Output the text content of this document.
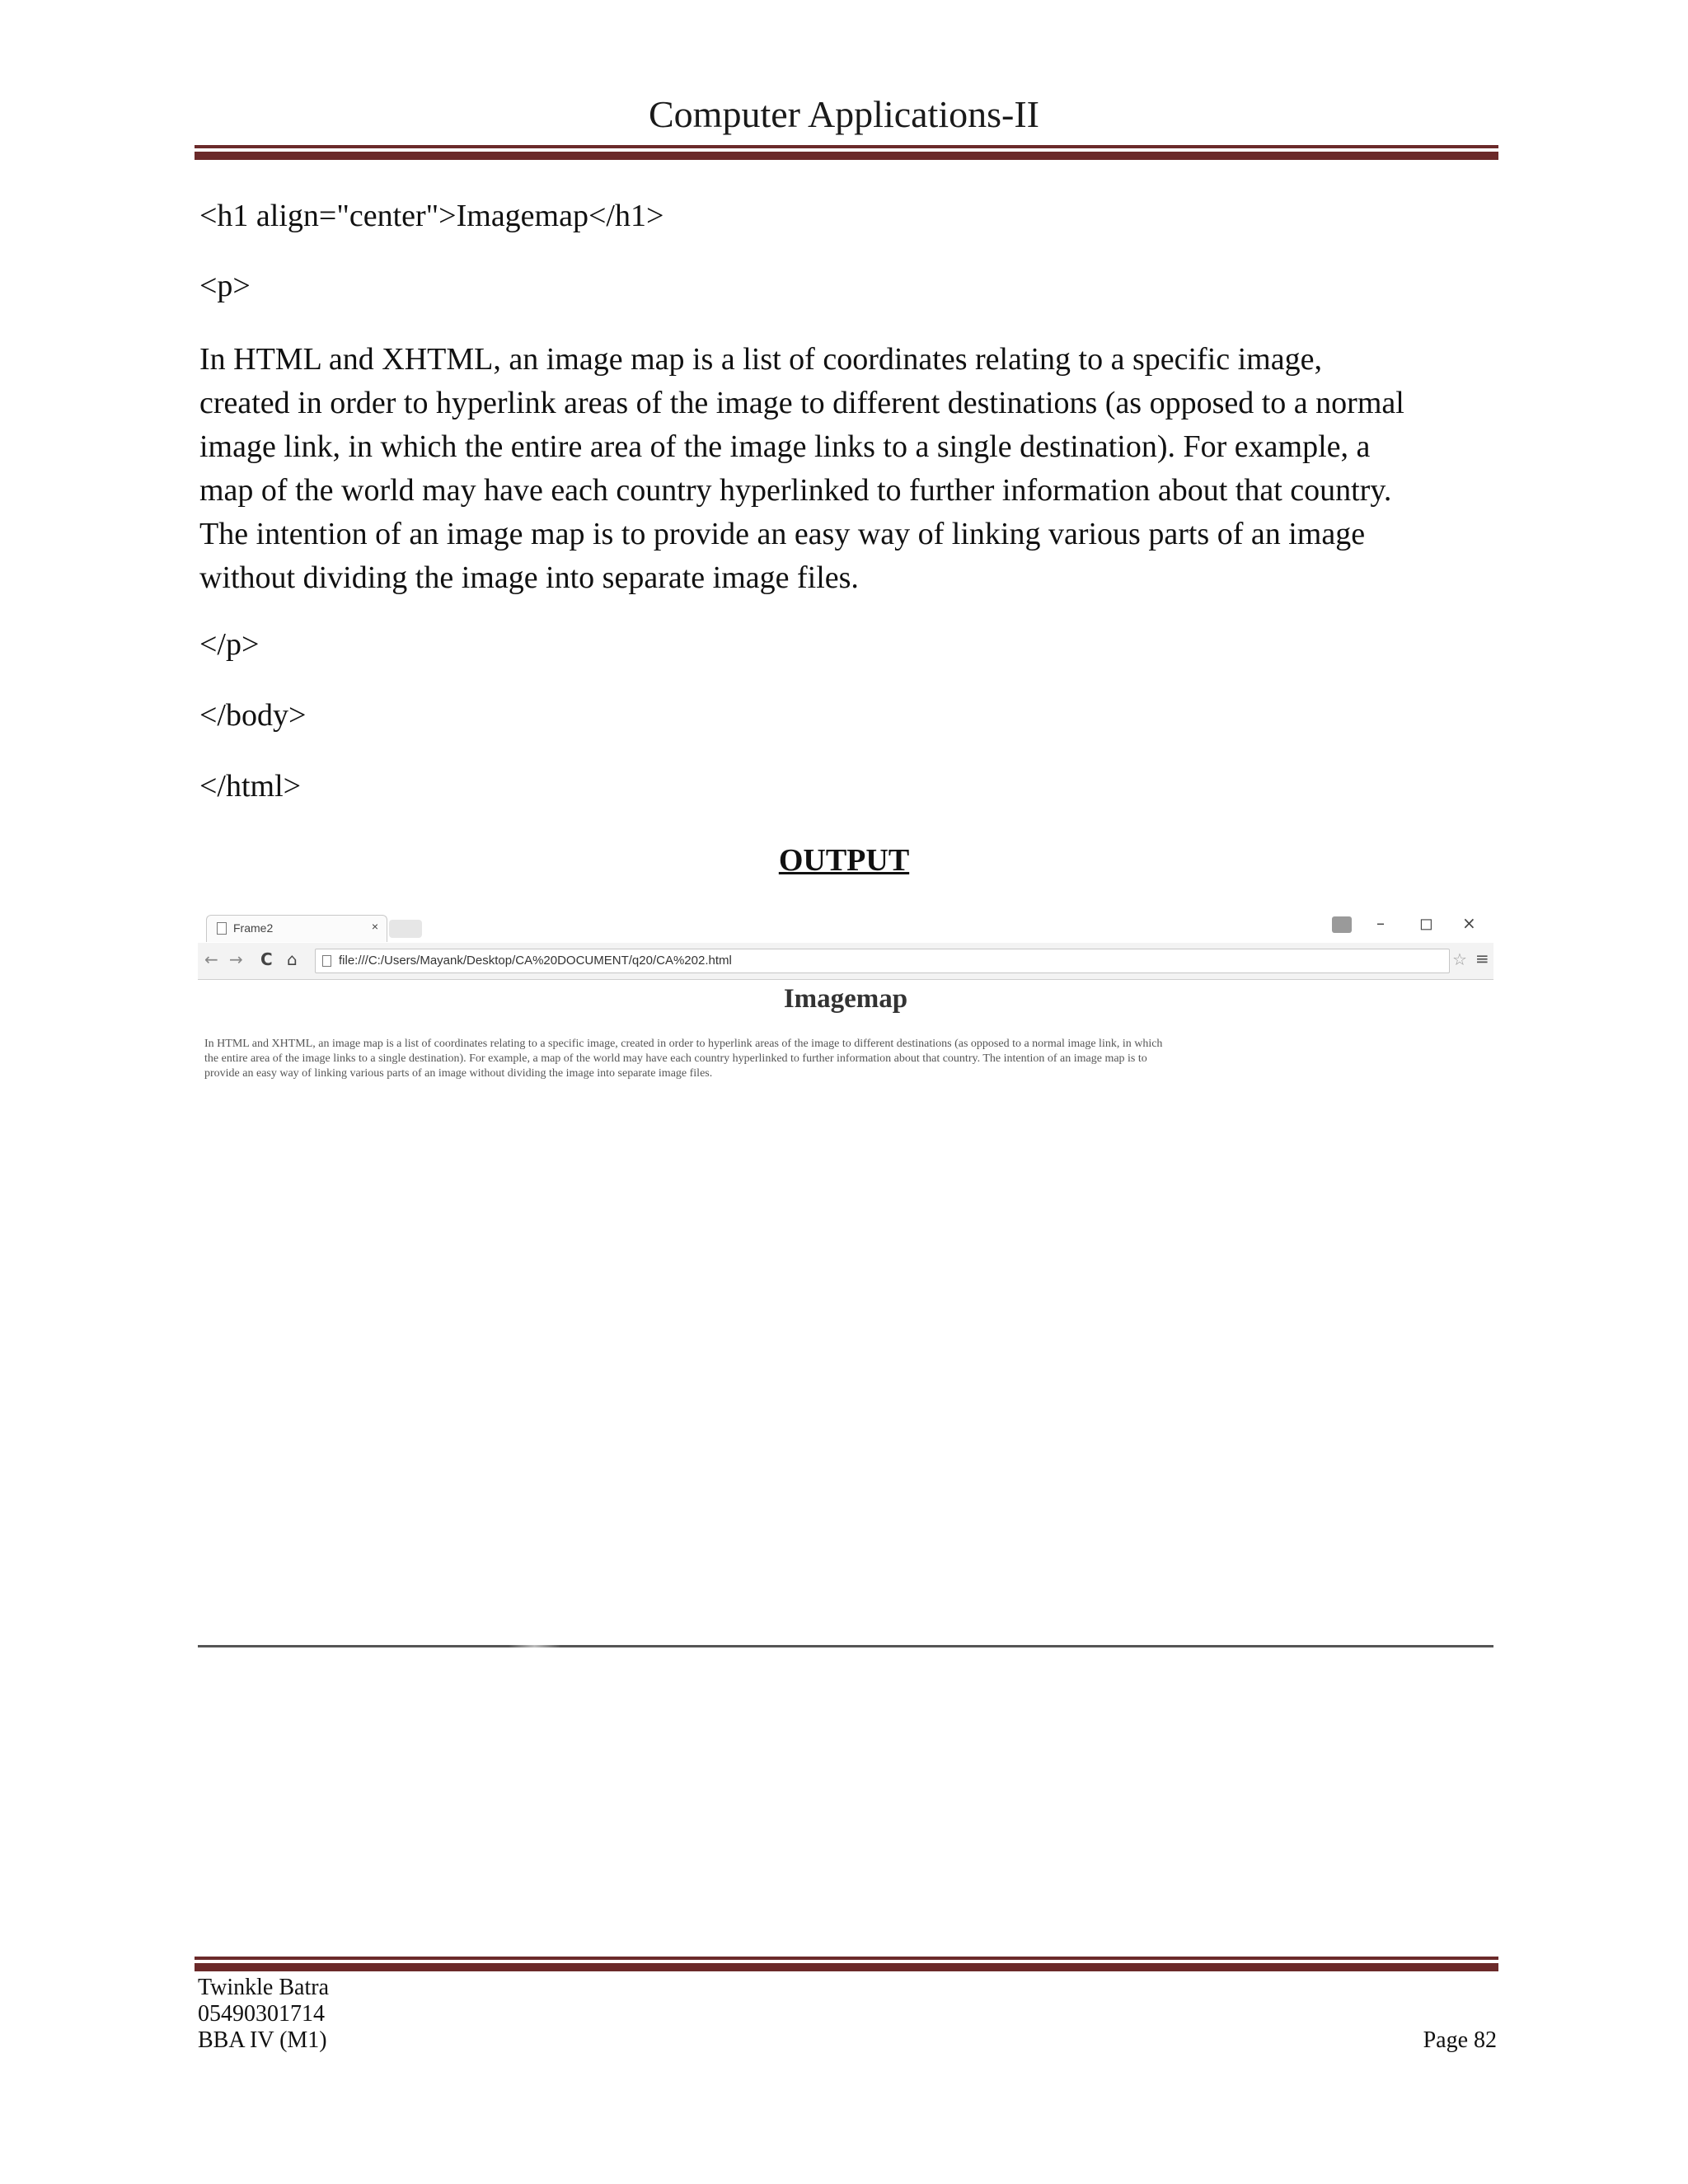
Computer Applications-II
<h1 align="center">Imagemap</h1>
<p>
In HTML and XHTML, an image map is a list of coordinates relating to a specific image,
created in order to hyperlink areas of the image to different destinations (as opposed to a normal
image link, in which the entire area of the image links to a single destination). For example, a
map of the world may have each country hyperlinked to further information about that country.
The intention of an image map is to provide an easy way of linking various parts of an image
without dividing the image into separate image files.
</p>
</body>
</html>
OUTPUT
Frame2	×	– ◻ ×
← → C ⌂	file:///C:/Users/Mayank/Desktop/CA%20DOCUMENT/q20/CA%202.html	☆ ≡
Imagemap
In HTML and XHTML, an image map is a list of coordinates relating to a specific image, created in order to hyperlink areas of the image to different destinations (as opposed to a normal image link, in which
the entire area of the image links to a single destination). For example, a map of the world may have each country hyperlinked to further information about that country. The intention of an image map is to
provide an easy way of linking various parts of an image without dividing the image into separate image files.
Twinkle Batra
05490301714
BBA IV (M1)	Page 82
